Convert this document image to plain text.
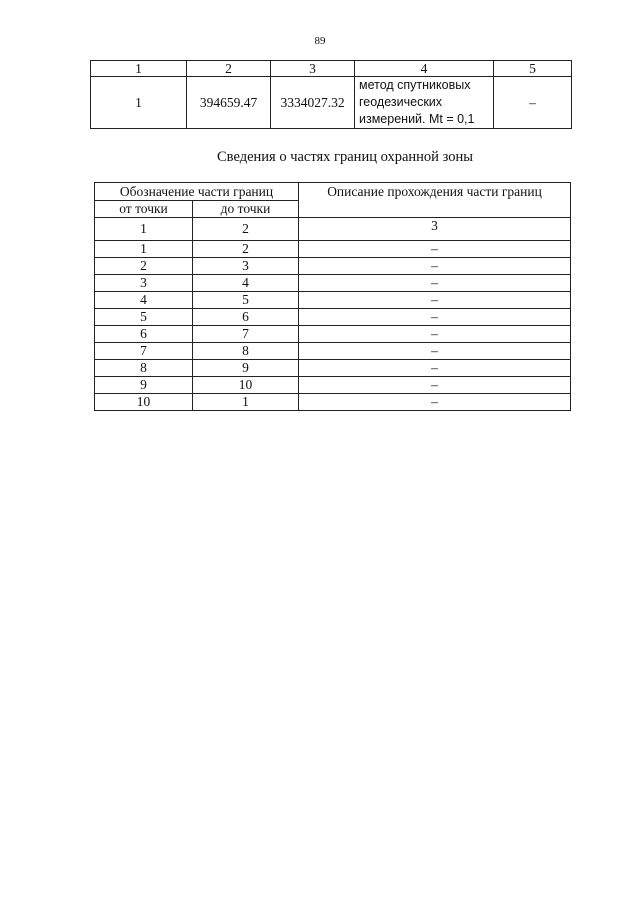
89
1	2	3	4	5
1	394659.47	3334027.32	метод спутниковых
геодезических
измерений. Mt = 0,1	–
Сведения о частях границ охранной зоны
Обозначение части границ		Описание прохождения части границ
от точки	до точки	
1	2	3
1	2	–
2	3	–
3	4	–
4	5	–
5	6	–
6	7	–
7	8	–
8	9	–
9	10	–
10	1	–
